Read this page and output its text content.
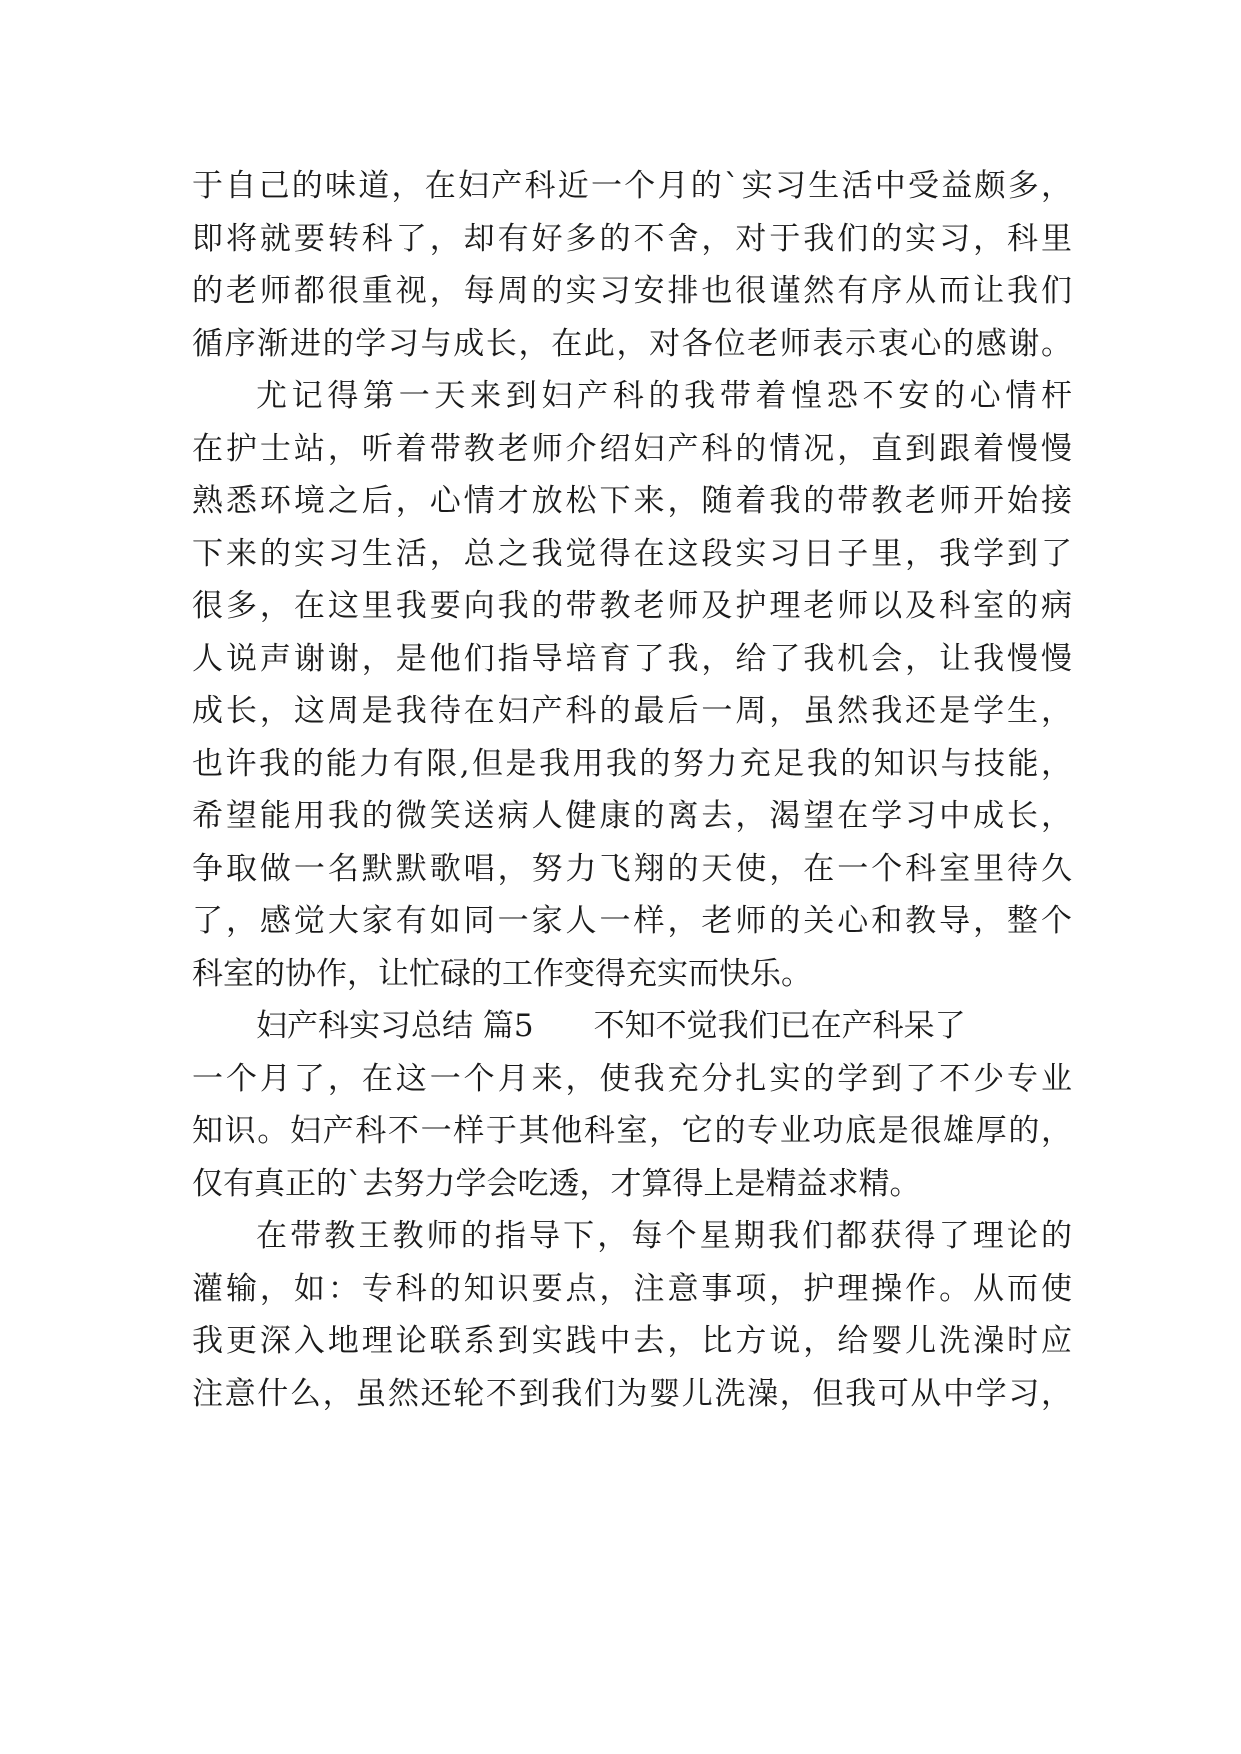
于自己的味道，在妇产科近一个月的`实习生活中受益颇多，
即将就要转科了，却有好多的不舍，对于我们的实习，科里
的老师都很重视，每周的实习安排也很谨然有序从而让我们
循序渐进的学习与成长，在此，对各位老师表示衷心的感谢。
尤记得第一天来到妇产科的我带着惶恐不安的心情杆
在护士站，听着带教老师介绍妇产科的情况，直到跟着慢慢
熟悉环境之后，心情才放松下来，随着我的带教老师开始接
下来的实习生活，总之我觉得在这段实习日子里，我学到了
很多，在这里我要向我的带教老师及护理老师以及科室的病
人说声谢谢，是他们指导培育了我，给了我机会，让我慢慢
成长，这周是我待在妇产科的最后一周，虽然我还是学生，
也许我的能力有限,但是我用我的努力充足我的知识与技能，
希望能用我的微笑送病人健康的离去，渴望在学习中成长，
争取做一名默默歌唱，努力飞翔的天使，在一个科室里待久
了，感觉大家有如同一家人一样，老师的关心和教导，整个
科室的协作，让忙碌的工作变得充实而快乐。
妇产科实习总结 篇5 不知不觉我们已在产科呆了
一个月了，在这一个月来，使我充分扎实的学到了不少专业
知识。妇产科不一样于其他科室，它的专业功底是很雄厚的，
仅有真正的`去努力学会吃透，才算得上是精益求精。
在带教王教师的指导下，每个星期我们都获得了理论的
灌输，如：专科的知识要点，注意事项，护理操作。从而使
我更深入地理论联系到实践中去，比方说，给婴儿洗澡时应
注意什么，虽然还轮不到我们为婴儿洗澡，但我可从中学习，
